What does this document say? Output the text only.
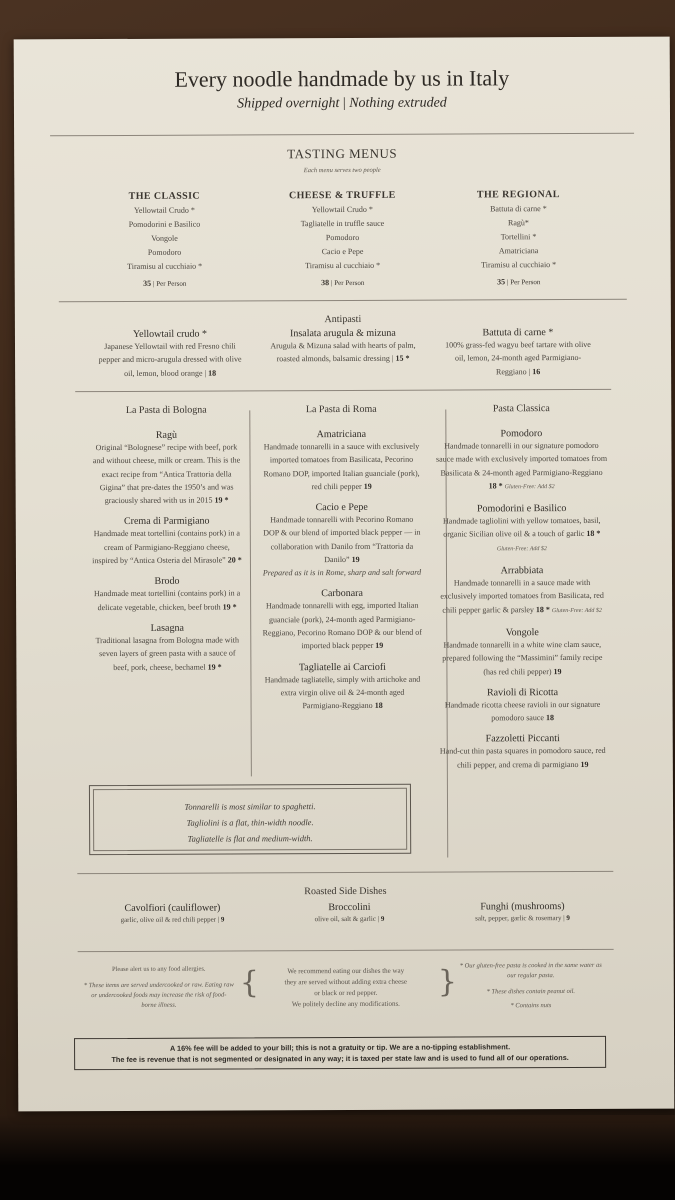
Every noodle handmade by us in Italy
Shipped overnight | Nothing extruded
TASTING MENUS
Each menu serves two people
THE CLASSIC
Yellowtail Crudo *
Pomodorini e Basilico
Vongole
Pomodoro
Tiramisu al cucchiaio *
35 | Per Person
CHEESE & TRUFFLE
Yellowtail Crudo *
Tagliatelle in truffle sauce
Pomodoro
Cacio e Pepe
Tiramisu al cucchiaio *
38 | Per Person
THE REGIONAL
Battuta di carne *
Ragù*
Tortellini *
Amatriciana
Tiramisu al cucchiaio *
35 | Per Person
Antipasti
Yellowtail crudo *
Japanese Yellowtail with red Fresno chili pepper and micro-arugula dressed with olive oil, lemon, blood orange | 18
Insalata arugula & mizuna
Arugula & Mizuna salad with hearts of palm, roasted almonds, balsamic dressing | 15 *
Battuta di carne *
100% grass-fed wagyu beef tartare with olive oil, lemon, 24-month aged Parmigiano-Reggiano | 16
La Pasta di Bologna
Ragù
Original “Bolognese” recipe with beef, pork and without cheese, milk or cream. This is the exact recipe from “Antica Trattoria della Gigina” that pre-dates the 1950’s and was graciously shared with us in 2015 19 *
Crema di Parmigiano
Handmade meat tortellini (contains pork) in a cream of Parmigiano-Reggiano cheese, inspired by “Antica Osteria del Mirasole” 20 *
Brodo
Handmade meat tortellini (contains pork) in a delicate vegetable, chicken, beef broth 19 *
Lasagna
Traditional lasagna from Bologna made with seven layers of green pasta with a sauce of beef, pork, cheese, bechamel 19 *
La Pasta di Roma
Amatriciana
Handmade tonnarelli in a sauce with exclusively imported tomatoes from Basilicata, Pecorino Romano DOP, imported Italian guanciale (pork), red chili pepper 19
Cacio e Pepe
Handmade tonnarelli with Pecorino Romano DOP & our blend of imported black pepper — in collaboration with Danilo from “Trattoria da Danilo” 19
Prepared as it is in Rome, sharp and salt forward
Carbonara
Handmade tonnarelli with egg, imported Italian guanciale (pork), 24-month aged Parmigiano-Reggiano, Pecorino Romano DOP & our blend of imported black pepper 19
Tagliatelle ai Carciofi
Handmade tagliatelle, simply with artichoke and extra virgin olive oil & 24-month aged Parmigiano-Reggiano 18
Pasta Classica
Pomodoro
Handmade tonnarelli in our signature pomodoro sauce made with exclusively imported tomatoes from Basilicata & 24-month aged Parmigiano-Reggiano 18 * Gluten-Free: Add $2
Pomodorini e Basilico
Handmade tagliolini with yellow tomatoes, basil, organic Sicilian olive oil & a touch of garlic 18 * Gluten-Free: Add $2
Arrabbiata
Handmade tonnarelli in a sauce made with exclusively imported tomatoes from Basilicata, red chili pepper garlic & parsley 18 * Gluten-Free: Add $2
Vongole
Handmade tonnarelli in a white wine clam sauce, prepared following the “Massimini” family recipe (has red chili pepper) 19
Ravioli di Ricotta
Handmade ricotta cheese ravioli in our signature pomodoro sauce 18
Fazzoletti Piccanti
Hand-cut thin pasta squares in pomodoro sauce, red chili pepper, and crema di parmigiano 19
Tonnarelli is most similar to spaghetti.
Tagliolini is a flat, thin-width noodle.
Tagliatelle is flat and medium-width.
Roasted Side Dishes
Cavolfiori (cauliflower)
garlic, olive oil & red chili pepper | 9
Broccolini
olive oil, salt & garlic | 9
Funghi (mushrooms)
salt, pepper, garlic & rosemary | 9
Please alert us to any food allergies.
* These items are served undercooked or raw. Eating raw or undercooked foods may increase the risk of food-borne illness.
{	We recommend eating our dishes the way
they are served without adding extra cheese
or black or red pepper.
We politely decline any modifications.
} * Our gluten-free pasta is cooked in the same water as our regular pasta.
* These dishes contain peanut oil.
* Contains nuts
A 16% fee will be added to your bill; this is not a gratuity or tip. We are a no-tipping establishment.
The fee is revenue that is not segmented or designated in any way; it is taxed per state law and is used to fund all of our operations.
